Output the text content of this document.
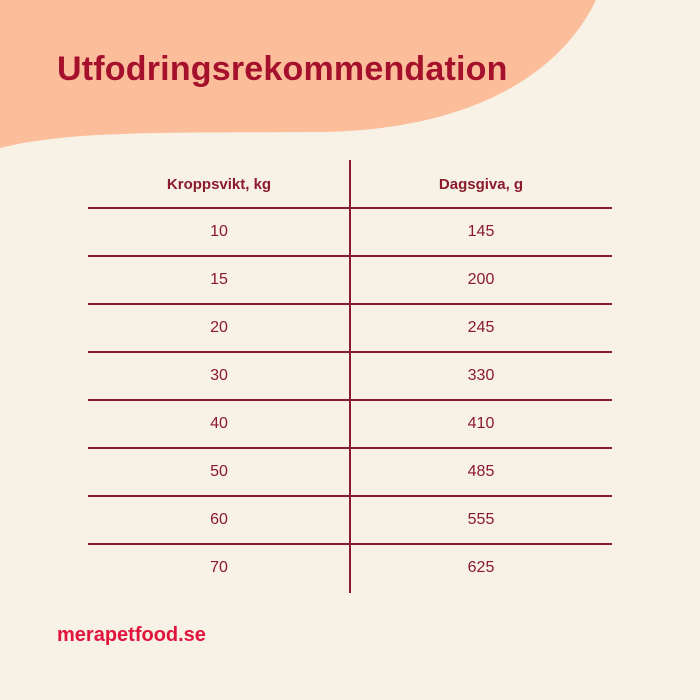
Utfodringsrekommendation
Kroppsvikt, kg	Dagsgiva, g
10	145
15	200
20	245
30	330
40	410
50	485
60	555
70	625
merapetfood.se
